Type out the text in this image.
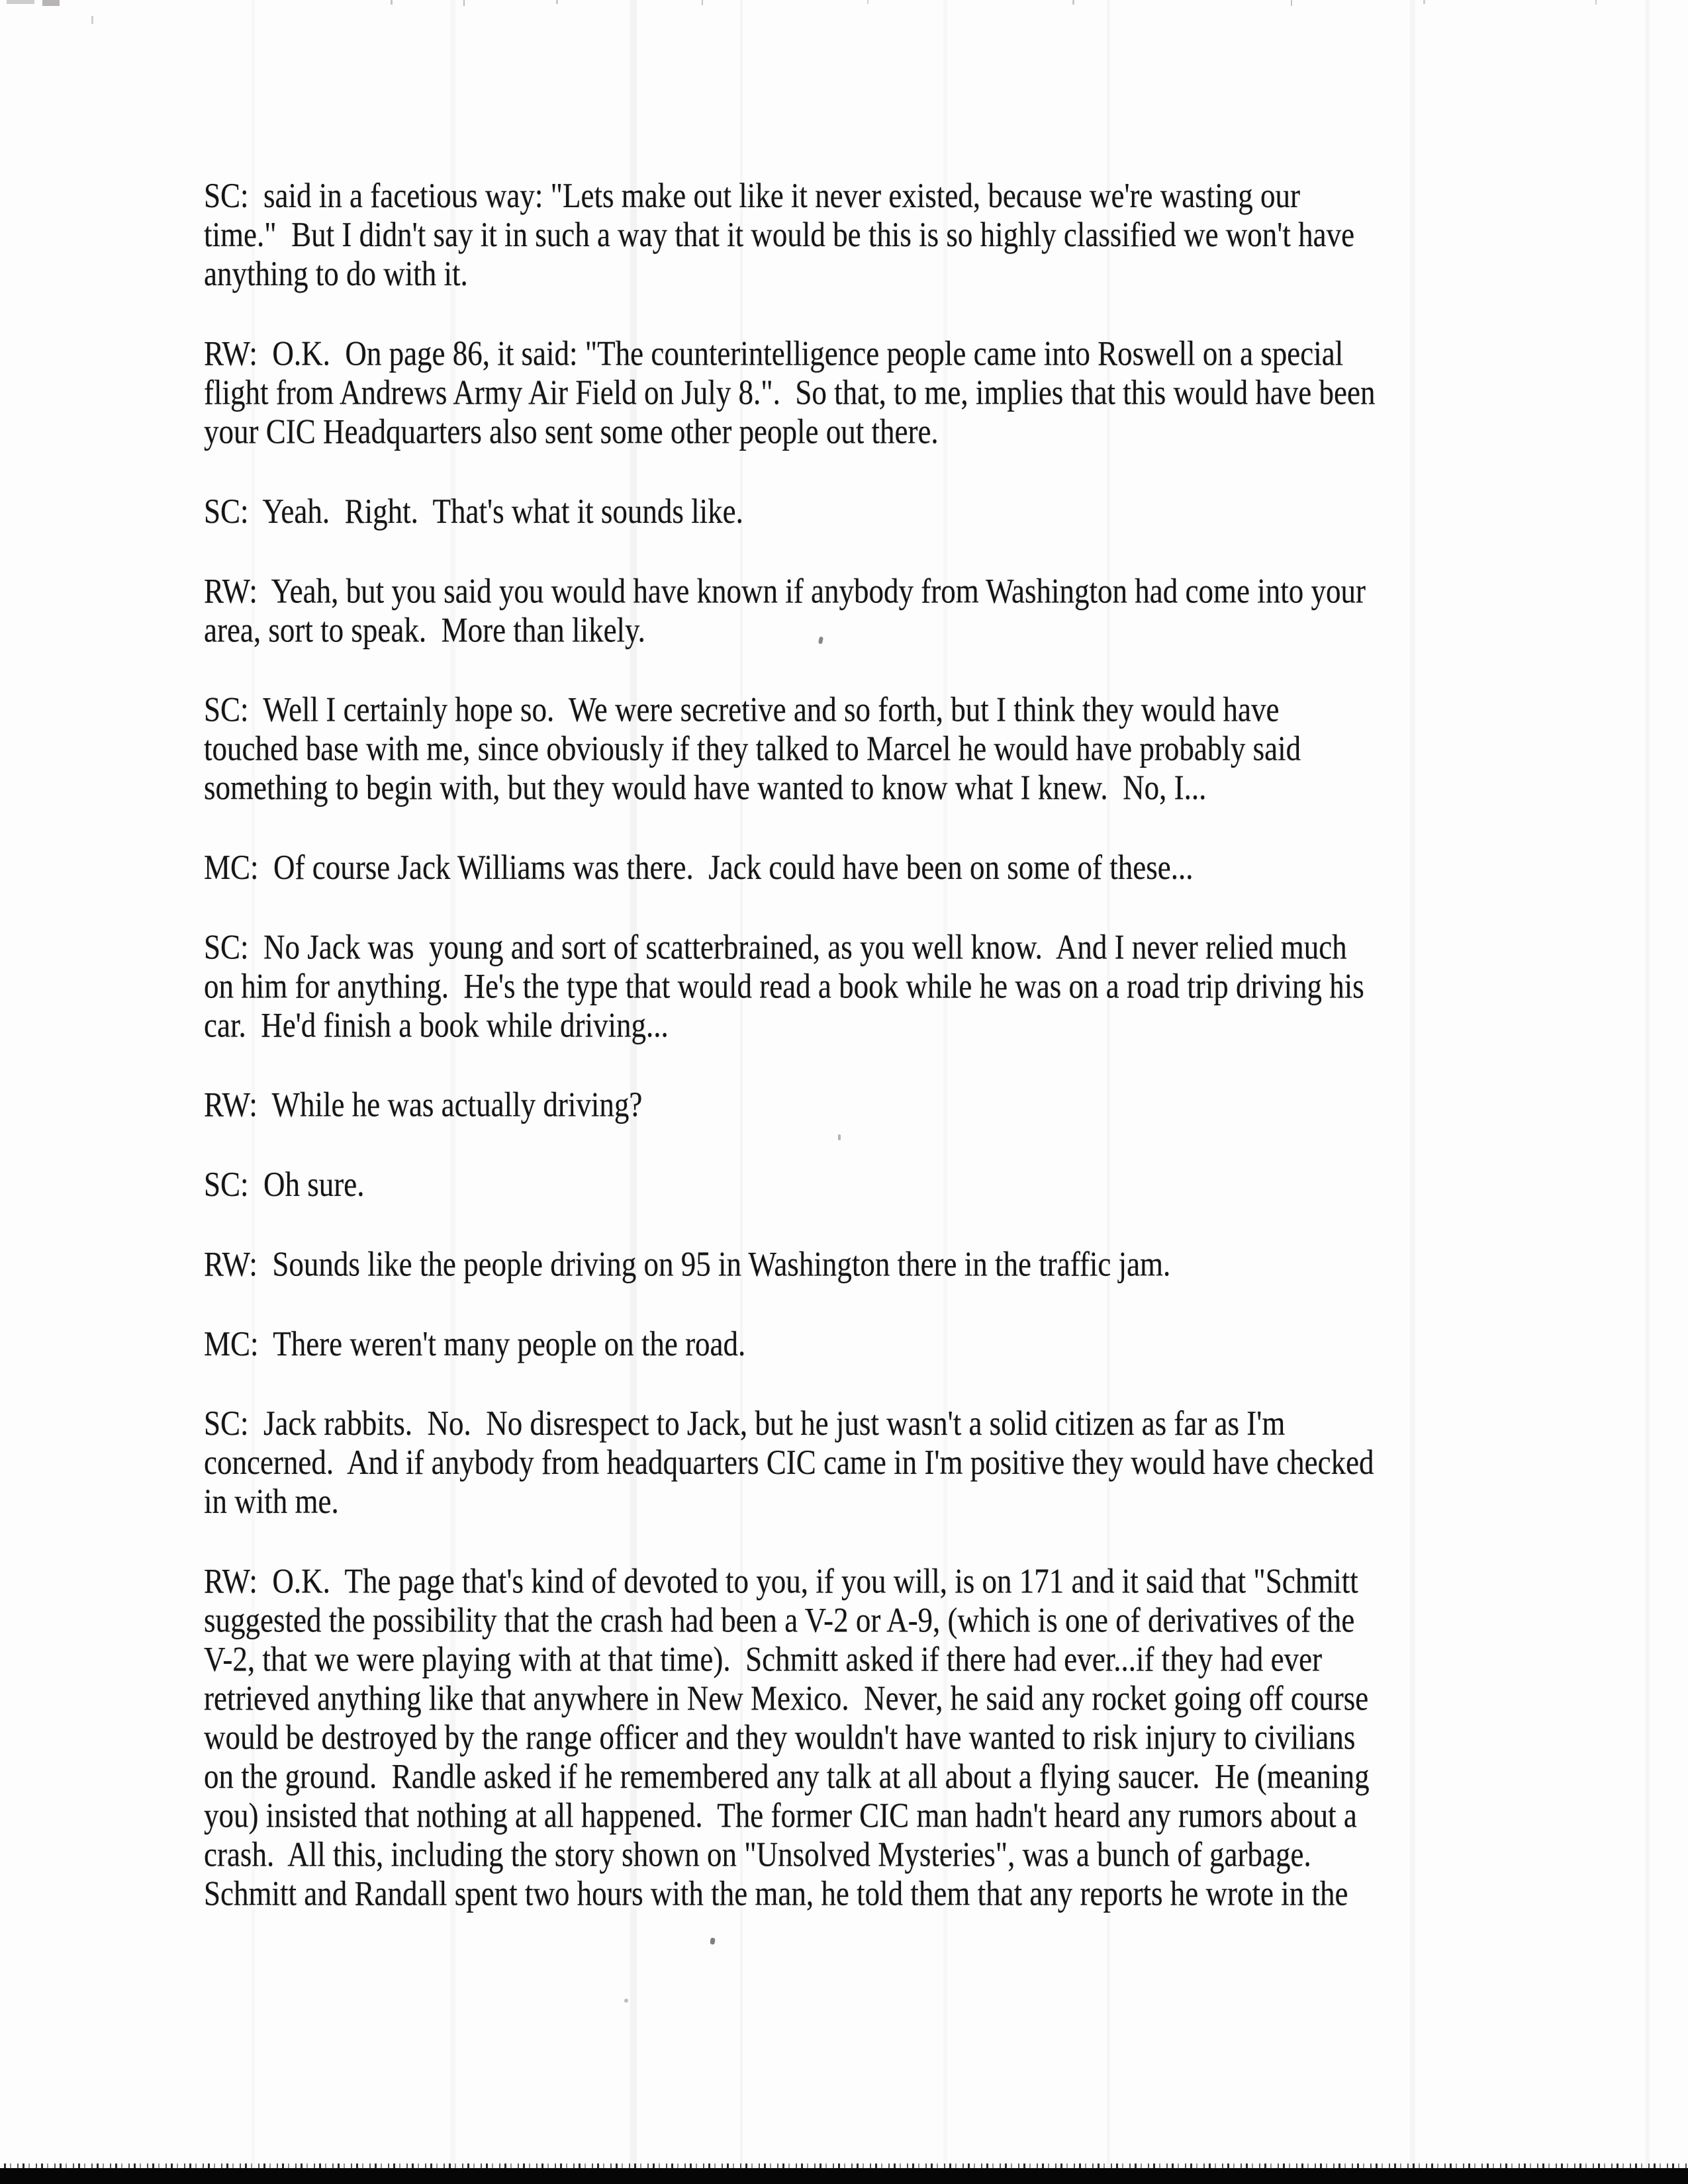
SC:  said in a facetious way: "Lets make out like it never existed, because we're wasting our
time."  But I didn't say it in such a way that it would be this is so highly classified we won't have
anything to do with it.

RW:  O.K.  On page 86, it said: "The counterintelligence people came into Roswell on a special
flight from Andrews Army Air Field on July 8.".  So that, to me, implies that this would have been
your CIC Headquarters also sent some other people out there.

SC:  Yeah.  Right.  That's what it sounds like.

RW:  Yeah, but you said you would have known if anybody from Washington had come into your
area, sort to speak.  More than likely.

SC:  Well I certainly hope so.  We were secretive and so forth, but I think they would have
touched base with me, since obviously if they talked to Marcel he would have probably said
something to begin with, but they would have wanted to know what I knew.  No, I...

MC:  Of course Jack Williams was there.  Jack could have been on some of these...

SC:  No Jack was  young and sort of scatterbrained, as you well know.  And I never relied much
on him for anything.  He's the type that would read a book while he was on a road trip driving his
car.  He'd finish a book while driving...

RW:  While he was actually driving?

SC:  Oh sure.

RW:  Sounds like the people driving on 95 in Washington there in the traffic jam.

MC:  There weren't many people on the road.

SC:  Jack rabbits.  No.  No disrespect to Jack, but he just wasn't a solid citizen as far as I'm
concerned.  And if anybody from headquarters CIC came in I'm positive they would have checked
in with me.

RW:  O.K.  The page that's kind of devoted to you, if you will, is on 171 and it said that "Schmitt
suggested the possibility that the crash had been a V-2 or A-9, (which is one of derivatives of the
V-2, that we were playing with at that time).  Schmitt asked if there had ever...if they had ever
retrieved anything like that anywhere in New Mexico.  Never, he said any rocket going off course
would be destroyed by the range officer and they wouldn't have wanted to risk injury to civilians
on the ground.  Randle asked if he remembered any talk at all about a flying saucer.  He (meaning
you) insisted that nothing at all happened.  The former CIC man hadn't heard any rumors about a
crash.  All this, including the story shown on "Unsolved Mysteries", was a bunch of garbage.
Schmitt and Randall spent two hours with the man, he told them that any reports he wrote in the
